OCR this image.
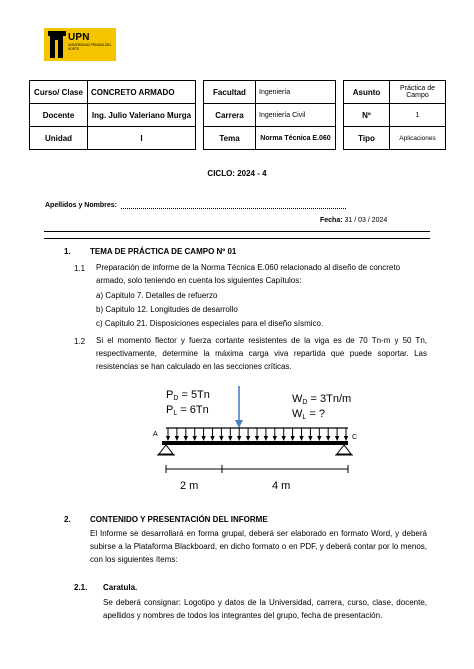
UPN
UNIVERSIDAD PRIVADA DEL NORTE
Curso/ Clase	CONCRETO ARMADO		Facultad	Ingeniería		Asunto	Práctica de Campo
Docente	Ing. Julio Valeriano Murga		Carrera	Ingeniería Civil		Nº	1
Unidad	I		Tema	Norma Técnica E.060		Tipo	Aplicaciones
CICLO: 2024 - 4
Apellidos y Nombres:
Fecha: 31 / 03 / 2024
1. TEMA DE PRÁCTICA DE CAMPO Nº 01
1.1 Preparación de informe de la Norma Técnica E.060 relacionado al diseño de concreto
armado, solo teniendo en cuenta los siguientes Capítulos:
a) Capitulo 7. Detalles de refuerzo
b) Capitulo 12. Longitudes de desarrollo
c) Capitulo 21. Disposiciones especiales para el diseño sísmico.
1.2 Si el momento flector y fuerza cortante resistentes de la viga es de 70 Tn-m y 50 Tn, respectivamente, determine la máxima carga viva repartida que puede soportar. Las resistencias se han calculado en las secciones críticas.
PD = 5Tn
PL = 6Tn
WD = 3Tn/m
WL = ?
A	C
2 m	4 m
2. CONTENIDO Y PRESENTACIÓN DEL INFORME
El Informe se desarrollará en forma grupal, deberá ser elaborado en formato Word, y deberá subirse a la Plataforma Blackboard, en dicho formato o en PDF, y deberá contar por lo menos, con los siguientes ítems:
2.1. Caratula.
Se deberá consignar: Logotipo y datos de la Universidad, carrera, curso, clase, docente, apellidos y nombres de todos los integrantes del grupo, fecha de presentación.
